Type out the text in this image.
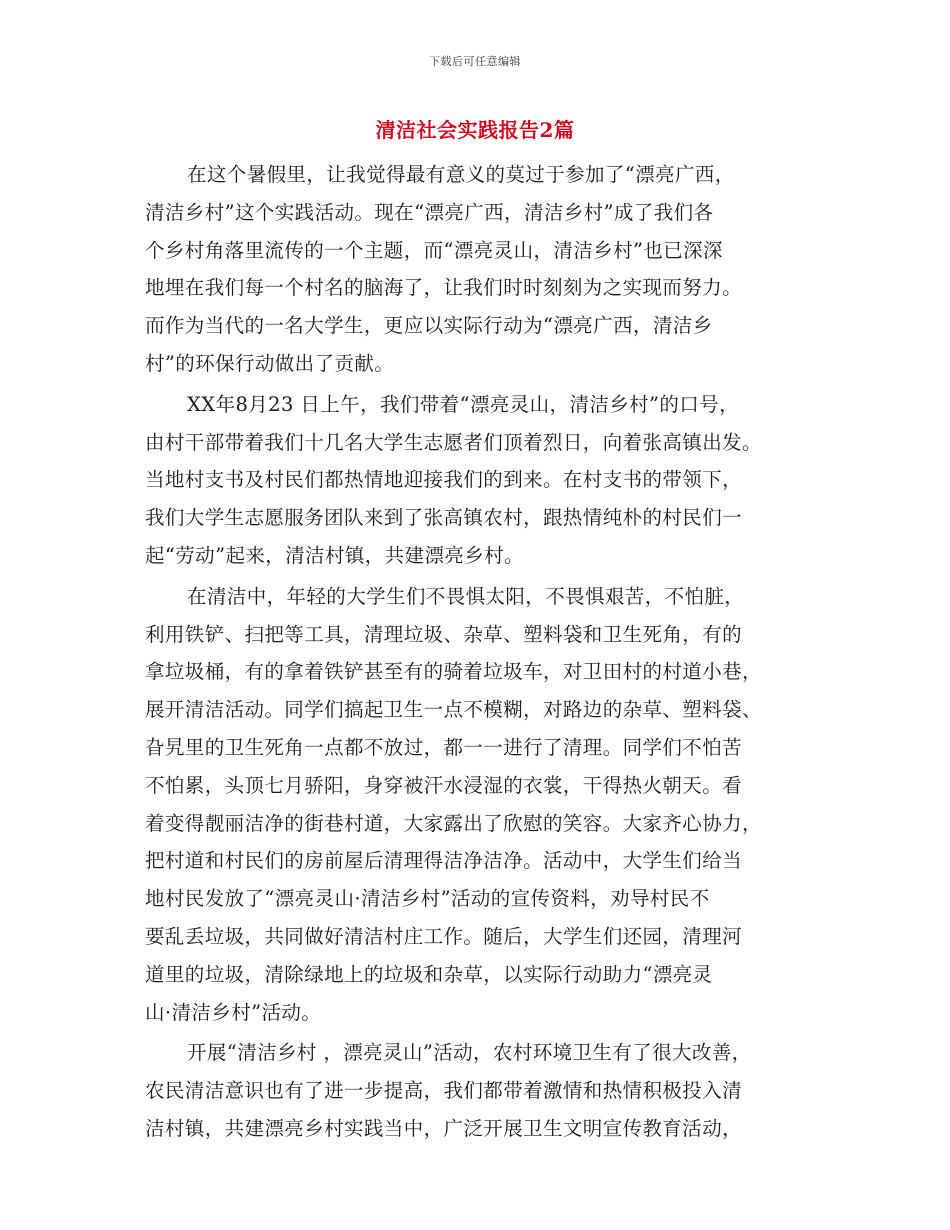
下载后可任意编辑
清洁社会实践报告2篇
在这个暑假里，让我觉得最有意义的莫过于参加了“漂亮广西，
清洁乡村”这个实践活动。现在“漂亮广西，清洁乡村”成了我们各
个乡村角落里流传的一个主题，而“漂亮灵山，清洁乡村”也已深深
地埋在我们每一个村名的脑海了，让我们时时刻刻为之实现而努力。
而作为当代的一名大学生，更应以实际行动为“漂亮广西，清洁乡
村”的环保行动做出了贡献。
XX年8月23 日上午，我们带着“漂亮灵山，清洁乡村”的口号，
由村干部带着我们十几名大学生志愿者们顶着烈日，向着张高镇出发。
当地村支书及村民们都热情地迎接我们的到来。在村支书的带领下，
我们大学生志愿服务团队来到了张高镇农村，跟热情纯朴的村民们一
起“劳动”起来，清洁村镇，共建漂亮乡村。
在清洁中，年轻的大学生们不畏惧太阳，不畏惧艰苦，不怕脏，
利用铁铲、扫把等工具，清理垃圾、杂草、塑料袋和卫生死角，有的
拿垃圾桶，有的拿着铁铲甚至有的骑着垃圾车，对卫田村的村道小巷，
展开清洁活动。同学们搞起卫生一点不模糊，对路边的杂草、塑料袋、
旮旯里的卫生死角一点都不放过，都一一进行了清理。同学们不怕苦
不怕累，头顶七月骄阳，身穿被汗水浸湿的衣裳，干得热火朝天。看
着变得靓丽洁净的街巷村道，大家露出了欣慰的笑容。大家齐心协力，
把村道和村民们的房前屋后清理得洁净洁净。活动中，大学生们给当
地村民发放了“漂亮灵山·清洁乡村”活动的宣传资料，劝导村民不
要乱丢垃圾，共同做好清洁村庄工作。随后，大学生们还园，清理河
道里的垃圾，清除绿地上的垃圾和杂草，以实际行动助力“漂亮灵
山·清洁乡村”活动。
开展“清洁乡村 ，漂亮灵山”活动，农村环境卫生有了很大改善，
农民清洁意识也有了进一步提高，我们都带着激情和热情积极投入清
洁村镇，共建漂亮乡村实践当中，广泛开展卫生文明宣传教育活动，
